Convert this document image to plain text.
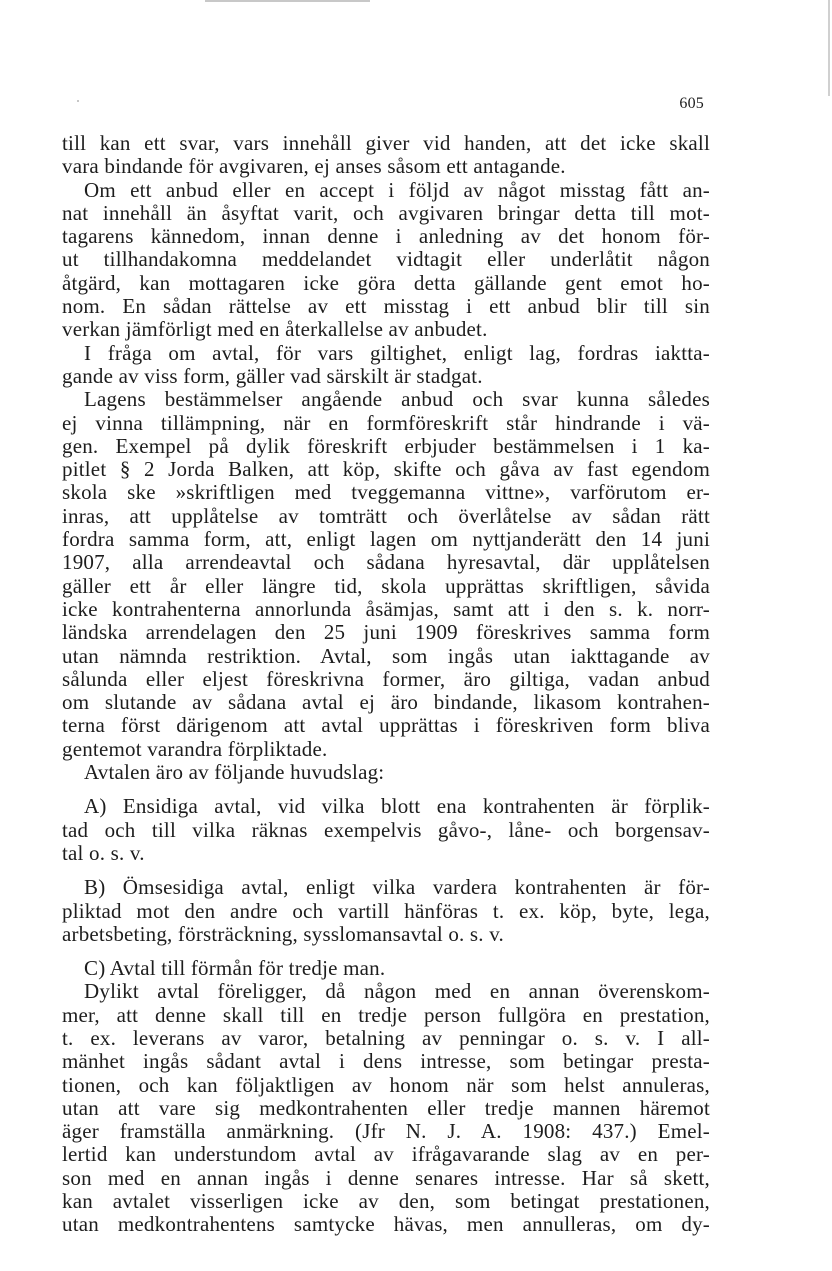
605
till kan ett svar, vars innehåll giver vid handen, att det icke skall
vara bindande för avgivaren, ej anses såsom ett antagande.
Om ett anbud eller en accept i följd av något misstag fått an-
nat innehåll än åsyftat varit, och avgivaren bringar detta till mot-
tagarens kännedom, innan denne i anledning av det honom för-
ut tillhandakomna meddelandet vidtagit eller underlåtit någon
åtgärd, kan mottagaren icke göra detta gällande gent emot ho-
nom. En sådan rättelse av ett misstag i ett anbud blir till sin
verkan jämförligt med en återkallelse av anbudet.
I fråga om avtal, för vars giltighet, enligt lag, fordras iaktta-
gande av viss form, gäller vad särskilt är stadgat.
Lagens bestämmelser angående anbud och svar kunna således
ej vinna tillämpning, när en formföreskrift står hindrande i vä-
gen. Exempel på dylik föreskrift erbjuder bestämmelsen i 1 ka-
pitlet § 2 Jorda Balken, att köp, skifte och gåva av fast egendom
skola ske »skriftligen med tveggemanna vittne», varförutom er-
inras, att upplåtelse av tomträtt och överlåtelse av sådan rätt
fordra samma form, att, enligt lagen om nyttjanderätt den 14 juni
1907, alla arrendeavtal och sådana hyresavtal, där upplåtelsen
gäller ett år eller längre tid, skola upprättas skriftligen, såvida
icke kontrahenterna annorlunda åsämjas, samt att i den s. k. norr-
ländska arrendelagen den 25 juni 1909 föreskrives samma form
utan nämnda restriktion. Avtal, som ingås utan iakttagande av
sålunda eller eljest föreskrivna former, äro giltiga, vadan anbud
om slutande av sådana avtal ej äro bindande, likasom kontrahen-
terna först därigenom att avtal upprättas i föreskriven form bliva
gentemot varandra förpliktade.
Avtalen äro av följande huvudslag:
A) Ensidiga avtal, vid vilka blott ena kontrahenten är förplik-
tad och till vilka räknas exempelvis gåvo-, låne- och borgensav-
tal o. s. v.
B) Ömsesidiga avtal, enligt vilka vardera kontrahenten är för-
pliktad mot den andre och vartill hänföras t. ex. köp, byte, lega,
arbetsbeting, försträckning, sysslomansavtal o. s. v.
C) Avtal till förmån för tredje man.
Dylikt avtal föreligger, då någon med en annan överenskom-
mer, att denne skall till en tredje person fullgöra en prestation,
t. ex. leverans av varor, betalning av penningar o. s. v. I all-
mänhet ingås sådant avtal i dens intresse, som betingar presta-
tionen, och kan följaktligen av honom när som helst annuleras,
utan att vare sig medkontrahenten eller tredje mannen häremot
äger framställa anmärkning. (Jfr N. J. A. 1908: 437.) Emel-
lertid kan understundom avtal av ifrågavarande slag av en per-
son med en annan ingås i denne senares intresse. Har så skett,
kan avtalet visserligen icke av den, som betingat prestationen,
utan medkontrahentens samtycke hävas, men annulleras, om dy-
